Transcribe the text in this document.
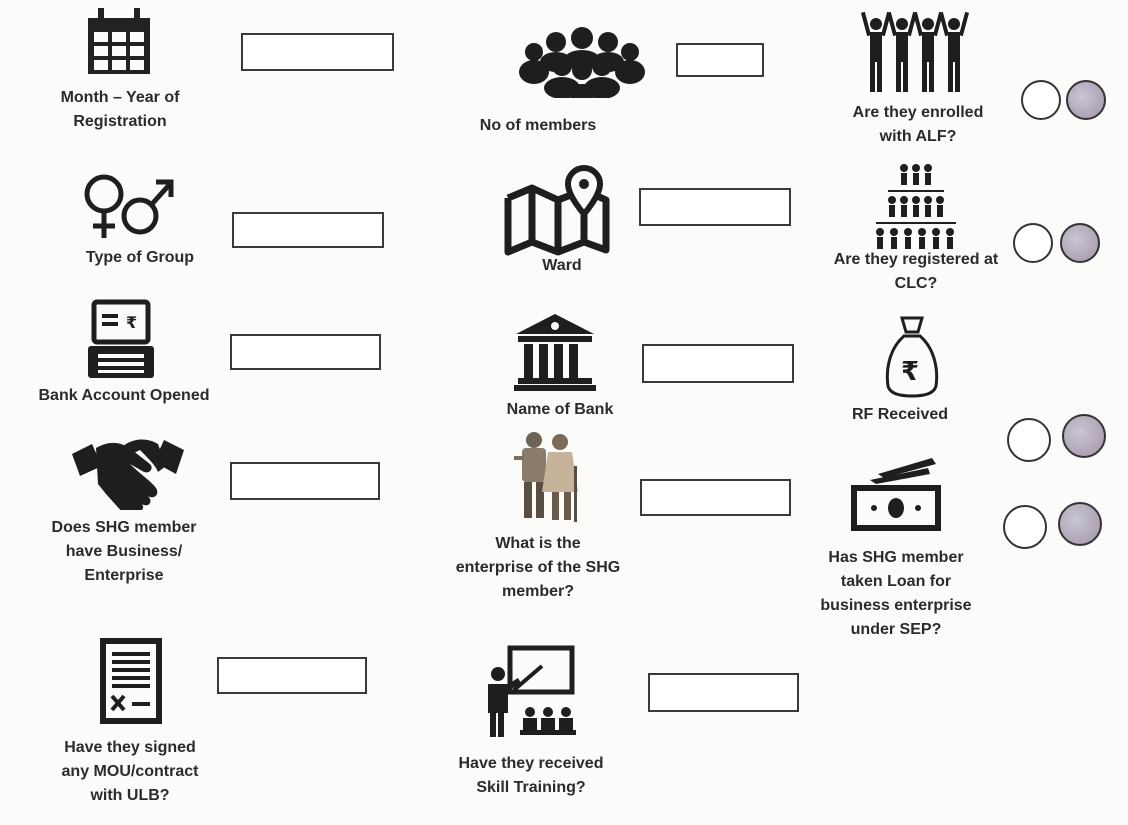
Month – Year of
Registration	No of members
Are they enrolled
with ALF?
Type of Group	Ward	Are they registered at
CLC?
₹
Bank Account Opened
Name of Bank
₹
RF Received
Does SHG member
have Business/
Enterprise
What is the
enterprise of the SHG
member?
Has SHG member
taken Loan for
business enterprise
under SEP?
Have they signed
any MOU/contract
with ULB?
Have they received
Skill Training?
